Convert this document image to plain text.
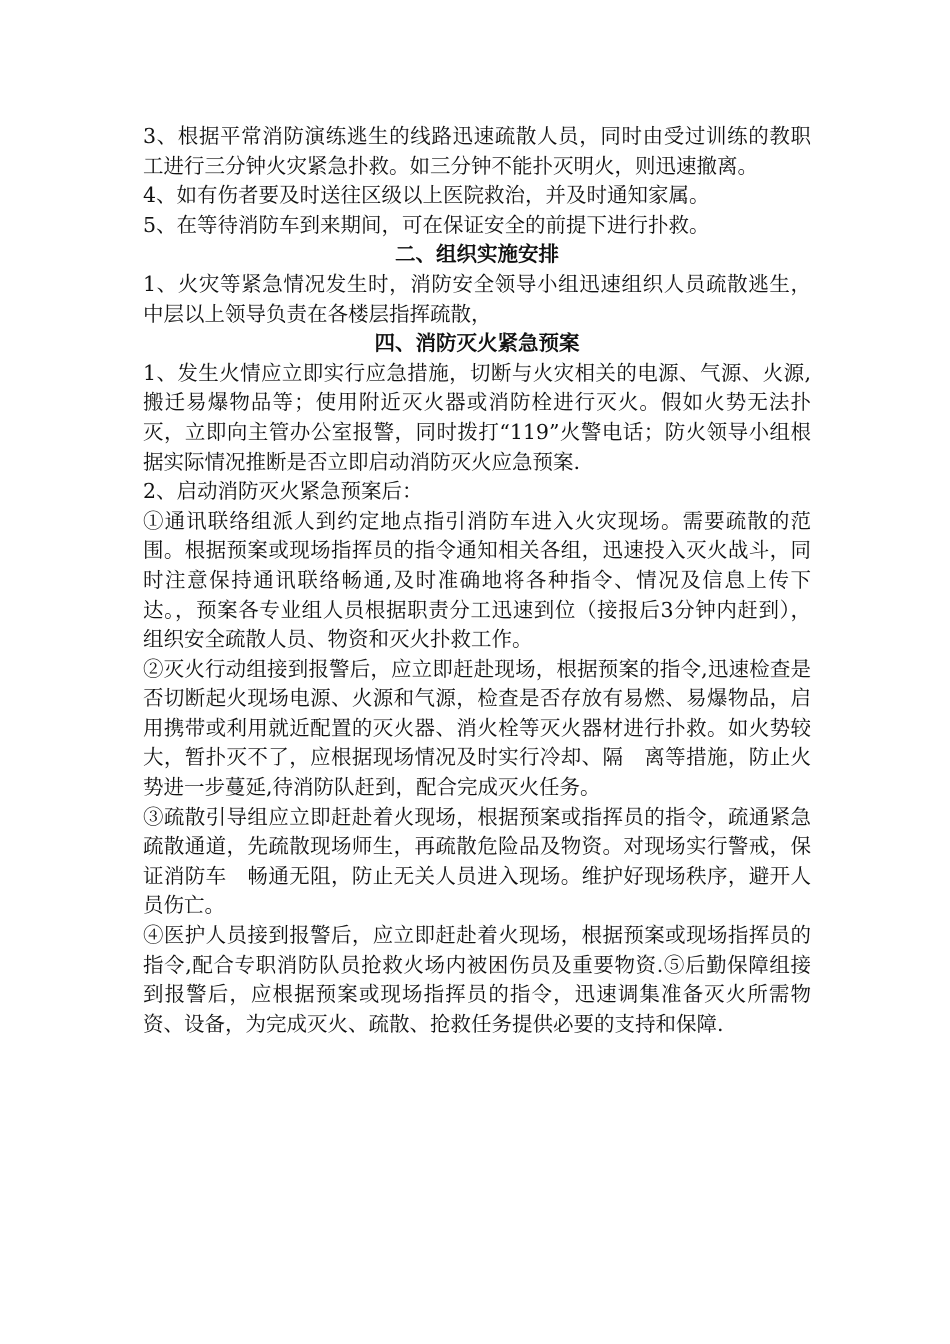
3、根据平常消防演练逃生的线路迅速疏散人员，同时由受过训练的教职工进行三分钟火灾紧急扑救。如三分钟不能扑灭明火，则迅速撤离。

4、如有伤者要及时送往区级以上医院救治，并及时通知家属。

5、在等待消防车到来期间，可在保证安全的前提下进行扑救。

二、组织实施安排

1、火灾等紧急情况发生时，消防安全领导小组迅速组织人员疏散逃生，中层以上领导负责在各楼层指挥疏散，

四、消防灭火紧急预案

1、发生火情应立即实行应急措施，切断与火灾相关的电源、气源、火源,搬迁易爆物品等；使用附近灭火器或消防栓进行灭火。假如火势无法扑灭，立即向主管办公室报警，同时拨打“119”火警电话；防火领导小组根据实际情况推断是否立即启动消防灭火应急预案.

2、启动消防灭火紧急预案后：

①通讯联络组派人到约定地点指引消防车进入火灾现场。需要疏散的范围。根据预案或现场指挥员的指令通知相关各组，迅速投入灭火战斗，同时注意保持通讯联络畅通,及时准确地将各种指令、情况及信息上传下达。，预案各专业组人员根据职责分工迅速到位（接报后3分钟内赶到），组织安全疏散人员、物资和灭火扑救工作。

②灭火行动组接到报警后，应立即赶赴现场，根据预案的指令,迅速检查是否切断起火现场电源、火源和气源，检查是否存放有易燃、易爆物品，启用携带或利用就近配置的灭火器、消火栓等灭火器材进行扑救。如火势较大，暂扑灭不了，应根据现场情况及时实行冷却、隔　离等措施，防止火势进一步蔓延,待消防队赶到，配合完成灭火任务。

③疏散引导组应立即赶赴着火现场，根据预案或指挥员的指令，疏通紧急疏散通道，先疏散现场师生，再疏散危险品及物资。对现场实行警戒，保证消防车　畅通无阻，防止无关人员进入现场。维护好现场秩序，避开人员伤亡。

④医护人员接到报警后，应立即赶赴着火现场，根据预案或现场指挥员的指令,配合专职消防队员抢救火场内被困伤员及重要物资.⑤后勤保障组接到报警后，应根据预案或现场指挥员的指令，迅速调集准备灭火所需物资、设备，为完成灭火、疏散、抢救任务提供必要的支持和保障.
